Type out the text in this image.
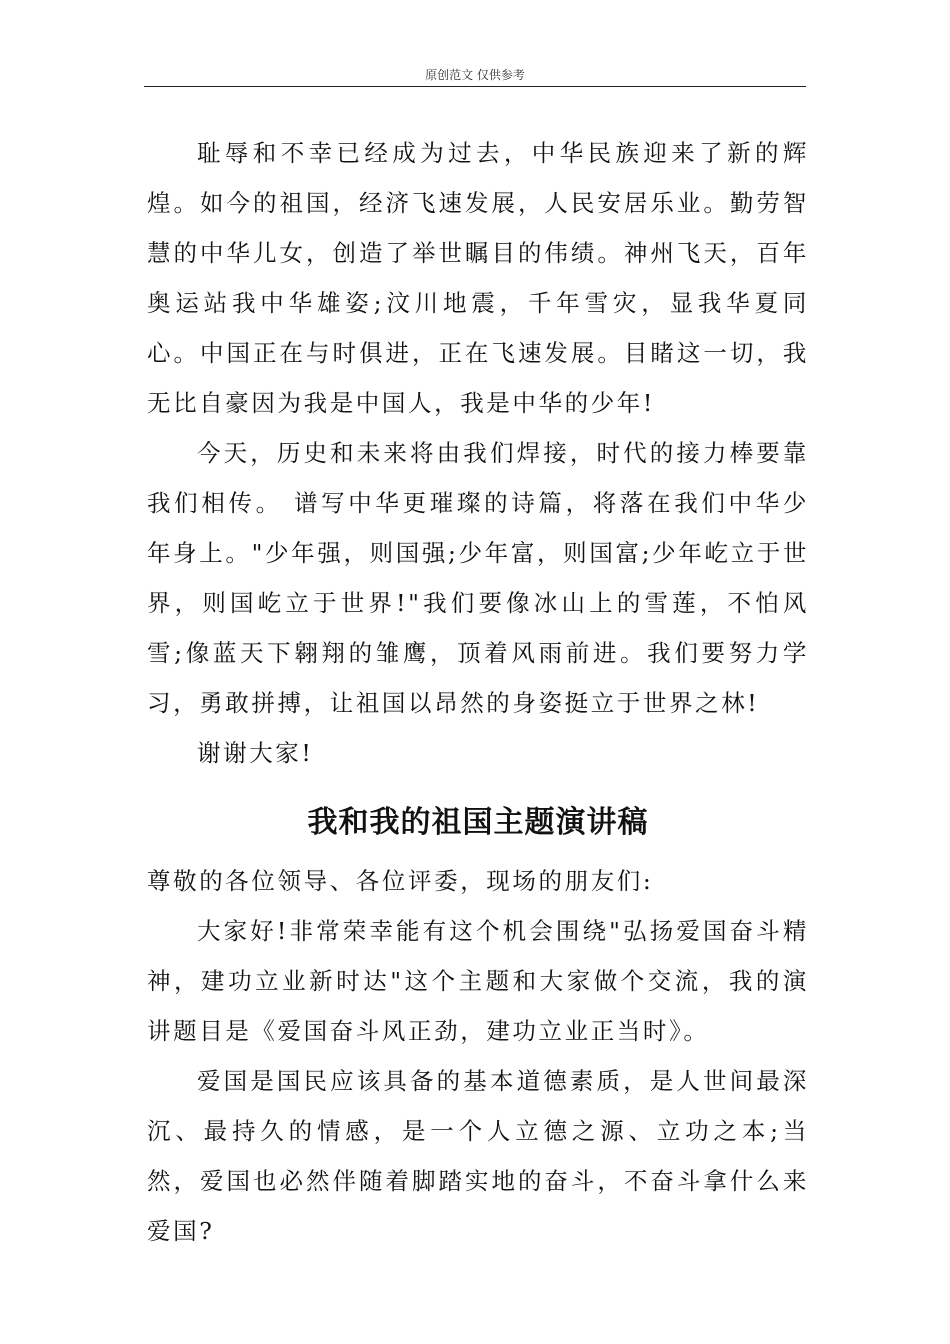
原创范文 仅供参考

耻辱和不幸已经成为过去，中华民族迎来了新的辉煌。如今的祖国，经济飞速发展，人民安居乐业。勤劳智慧的中华儿女，创造了举世瞩目的伟绩。神州飞天，百年奥运站我中华雄姿;汶川地震，千年雪灾，显我华夏同心。中国正在与时俱进，正在飞速发展。目睹这一切，我无比自豪因为我是中国人，我是中华的少年!

今天，历史和未来将由我们焊接，时代的接力棒要靠我们相传。 谱写中华更璀璨的诗篇，将落在我们中华少年身上。"少年强，则国强;少年富，则国富;少年屹立于世界，则国屹立于世界!"我们要像冰山上的雪莲，不怕风雪;像蓝天下翱翔的雏鹰，顶着风雨前进。我们要努力学习，勇敢拼搏，让祖国以昂然的身姿挺立于世界之林!

谢谢大家!

我和我的祖国主题演讲稿

尊敬的各位领导、各位评委，现场的朋友们:

大家好!非常荣幸能有这个机会围绕"弘扬爱国奋斗精神，建功立业新时达"这个主题和大家做个交流，我的演讲题目是《爱国奋斗风正劲，建功立业正当时》。

爱国是国民应该具备的基本道德素质，是人世间最深沉、最持久的情感，是一个人立德之源、立功之本;当然，爱国也必然伴随着脚踏实地的奋斗，不奋斗拿什么来爱国?
